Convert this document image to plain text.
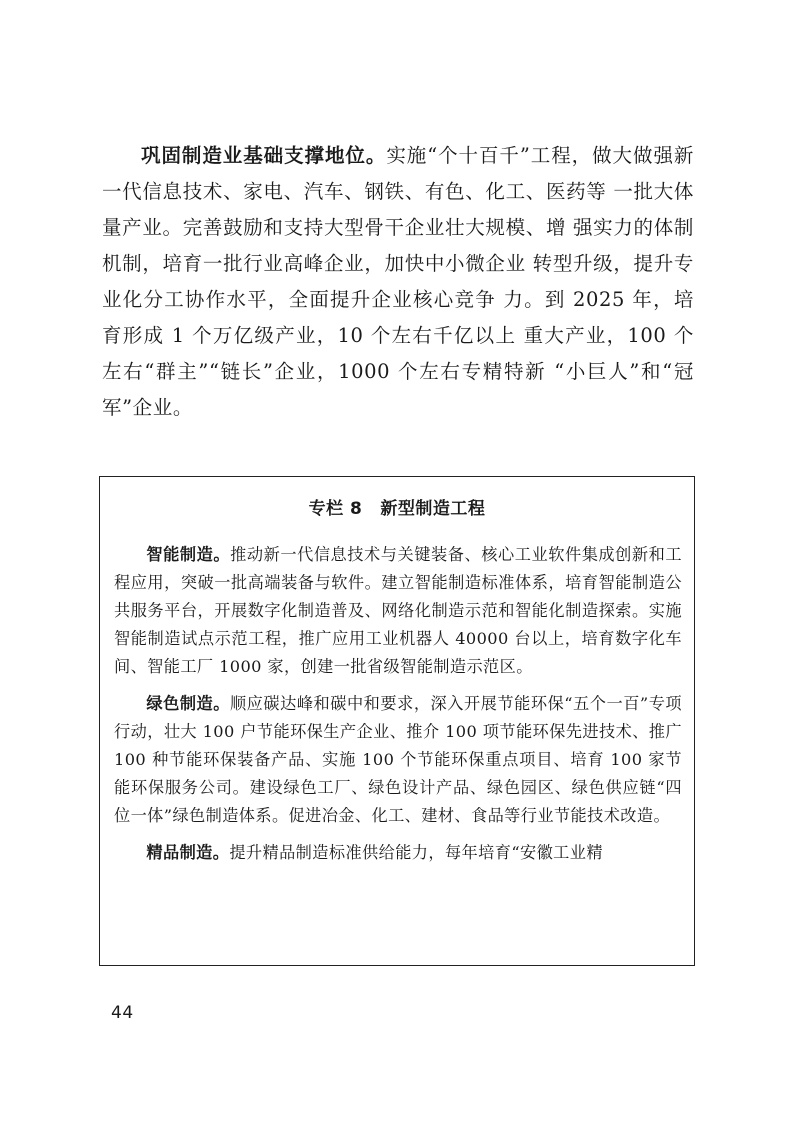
巩固制造业基础支撑地位。实施“个十百千”工程，做大做强新一代信息技术、家电、汽车、钢铁、有色、化工、医药等 一批大体量产业。完善鼓励和支持大型骨干企业壮大规模、增 强实力的体制机制，培育一批行业高峰企业，加快中小微企业 转型升级，提升专业化分工协作水平，全面提升企业核心竞争 力。到 2025 年，培育形成 1 个万亿级产业，10 个左右千亿以上 重大产业，100 个左右“群主”“链长”企业，1000 个左右专精特新 “小巨人”和“冠军”企业。

专栏 8 新型制造工程

智能制造。推动新一代信息技术与关键装备、核心工业软件集成创新和工程应用，突破一批高端装备与软件。建立智能制造标准体系，培育智能制造公共服务平台，开展数字化制造普及、网络化制造示范和智能化制造探索。实施智能制造试点示范工程，推广应用工业机器人 40000 台以上，培育数字化车间、智能工厂 1000 家，创建一批省级智能制造示范区。

绿色制造。顺应碳达峰和碳中和要求，深入开展节能环保“五个一百”专项行动，壮大 100 户节能环保生产企业、推介 100 项节能环保先进技术、推广 100 种节能环保装备产品、实施 100 个节能环保重点项目、培育 100 家节能环保服务公司。建设绿色工厂、绿色设计产品、绿色园区、绿色供应链“四位一体”绿色制造体系。促进冶金、化工、建材、食品等行业节能技术改造。

精品制造。提升精品制造标准供给能力，每年培育“安徽工业精

44
